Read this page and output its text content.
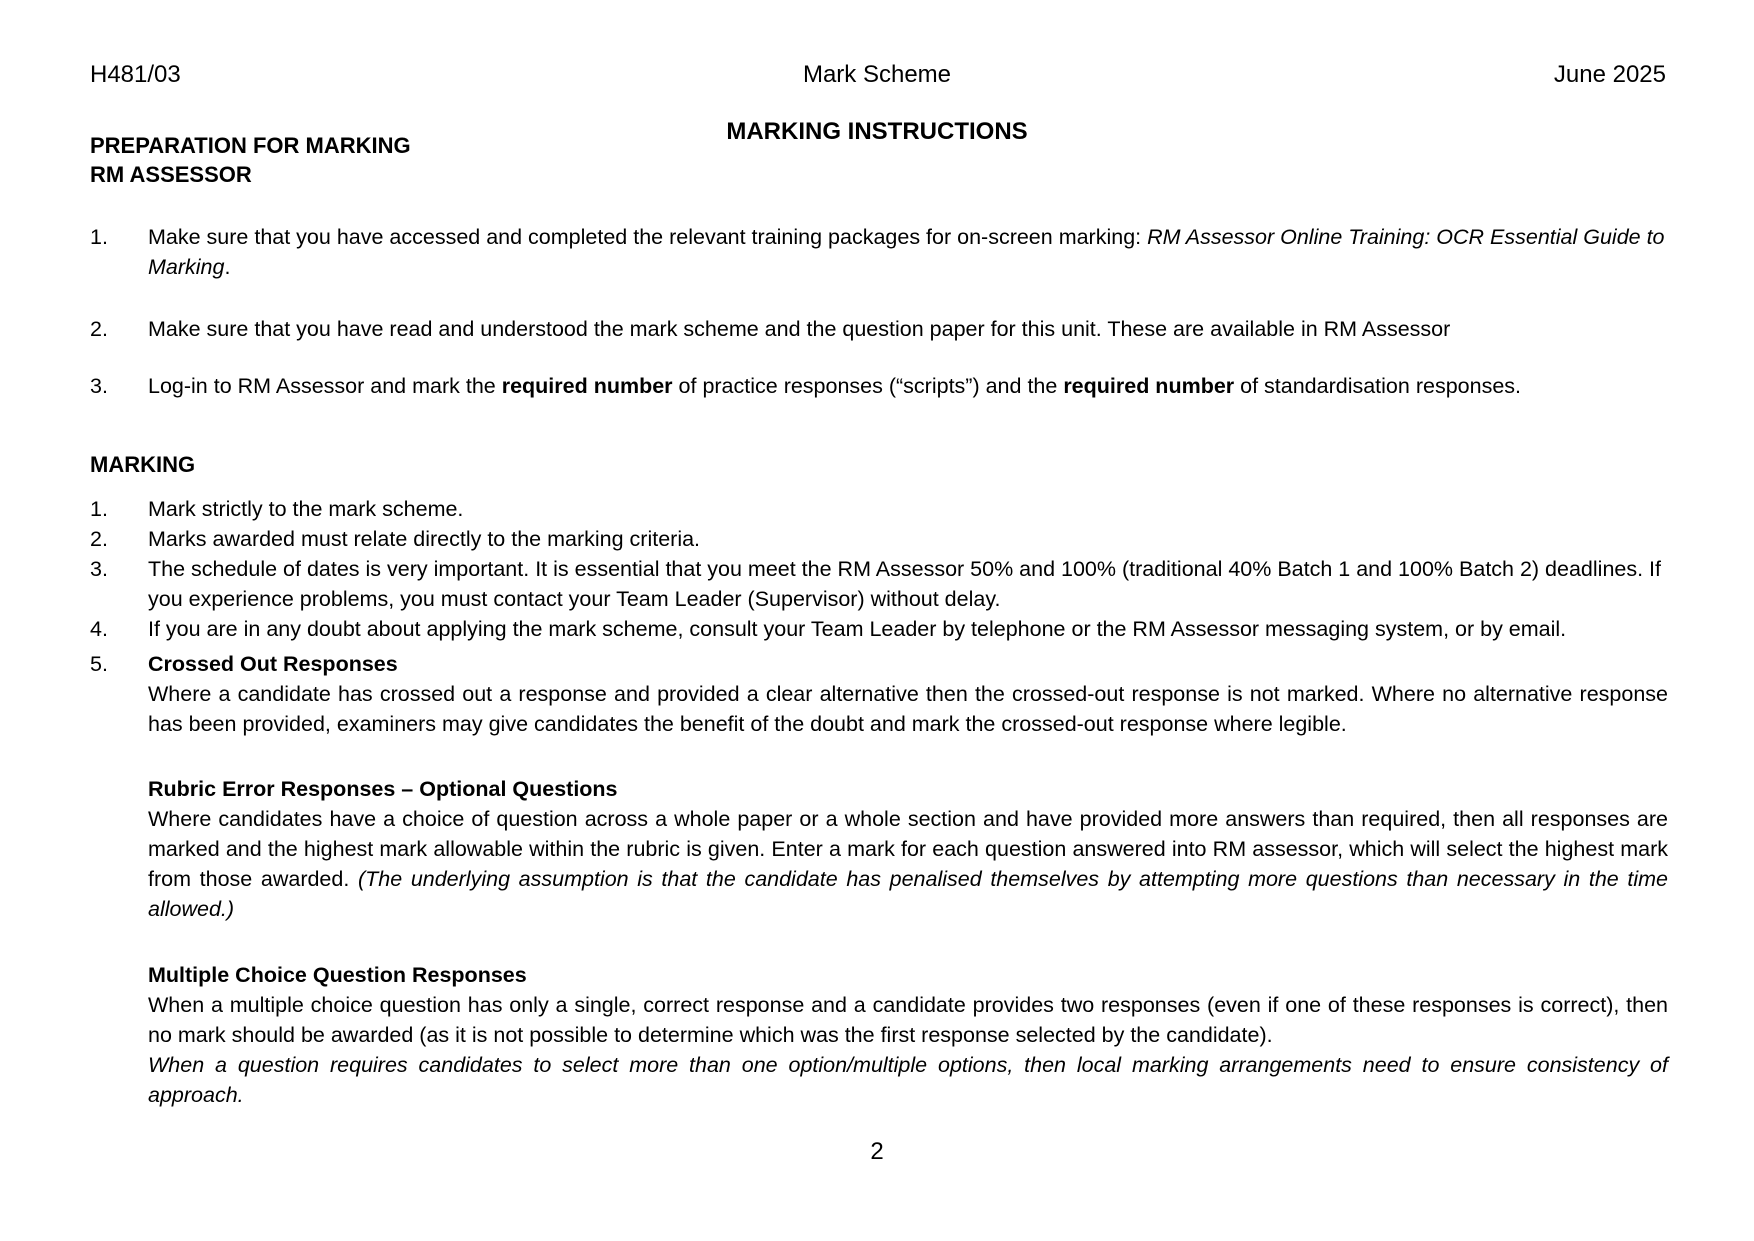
Mark Scheme
H481/03	June 2025
MARKING INSTRUCTIONS
PREPARATION FOR MARKING
RM ASSESSOR
1. Make sure that you have accessed and completed the relevant training packages for on-screen marking: RM Assessor Online Training: OCR Essential Guide to Marking.
2. Make sure that you have read and understood the mark scheme and the question paper for this unit. These are available in RM Assessor
3. Log-in to RM Assessor and mark the required number of practice responses (“scripts”) and the required number of standardisation responses.
MARKING
1. Mark strictly to the mark scheme.
2. Marks awarded must relate directly to the marking criteria.
3. The schedule of dates is very important. It is essential that you meet the RM Assessor 50% and 100% (traditional 40% Batch 1 and 100% Batch 2) deadlines. If you experience problems, you must contact your Team Leader (Supervisor) without delay.
4. If you are in any doubt about applying the mark scheme, consult your Team Leader by telephone or the RM Assessor messaging system, or by email.
5. Crossed Out Responses
Where a candidate has crossed out a response and provided a clear alternative then the crossed-out response is not marked. Where no alternative response has been provided, examiners may give candidates the benefit of the doubt and mark the crossed-out response where legible.
Rubric Error Responses – Optional Questions
Where candidates have a choice of question across a whole paper or a whole section and have provided more answers than required, then all responses are marked and the highest mark allowable within the rubric is given. Enter a mark for each question answered into RM assessor, which will select the highest mark from those awarded. (The underlying assumption is that the candidate has penalised themselves by attempting more questions than necessary in the time allowed.)
Multiple Choice Question Responses
When a multiple choice question has only a single, correct response and a candidate provides two responses (even if one of these responses is correct), then no mark should be awarded (as it is not possible to determine which was the first response selected by the candidate).
When a question requires candidates to select more than one option/multiple options, then local marking arrangements need to ensure consistency of approach.
2
